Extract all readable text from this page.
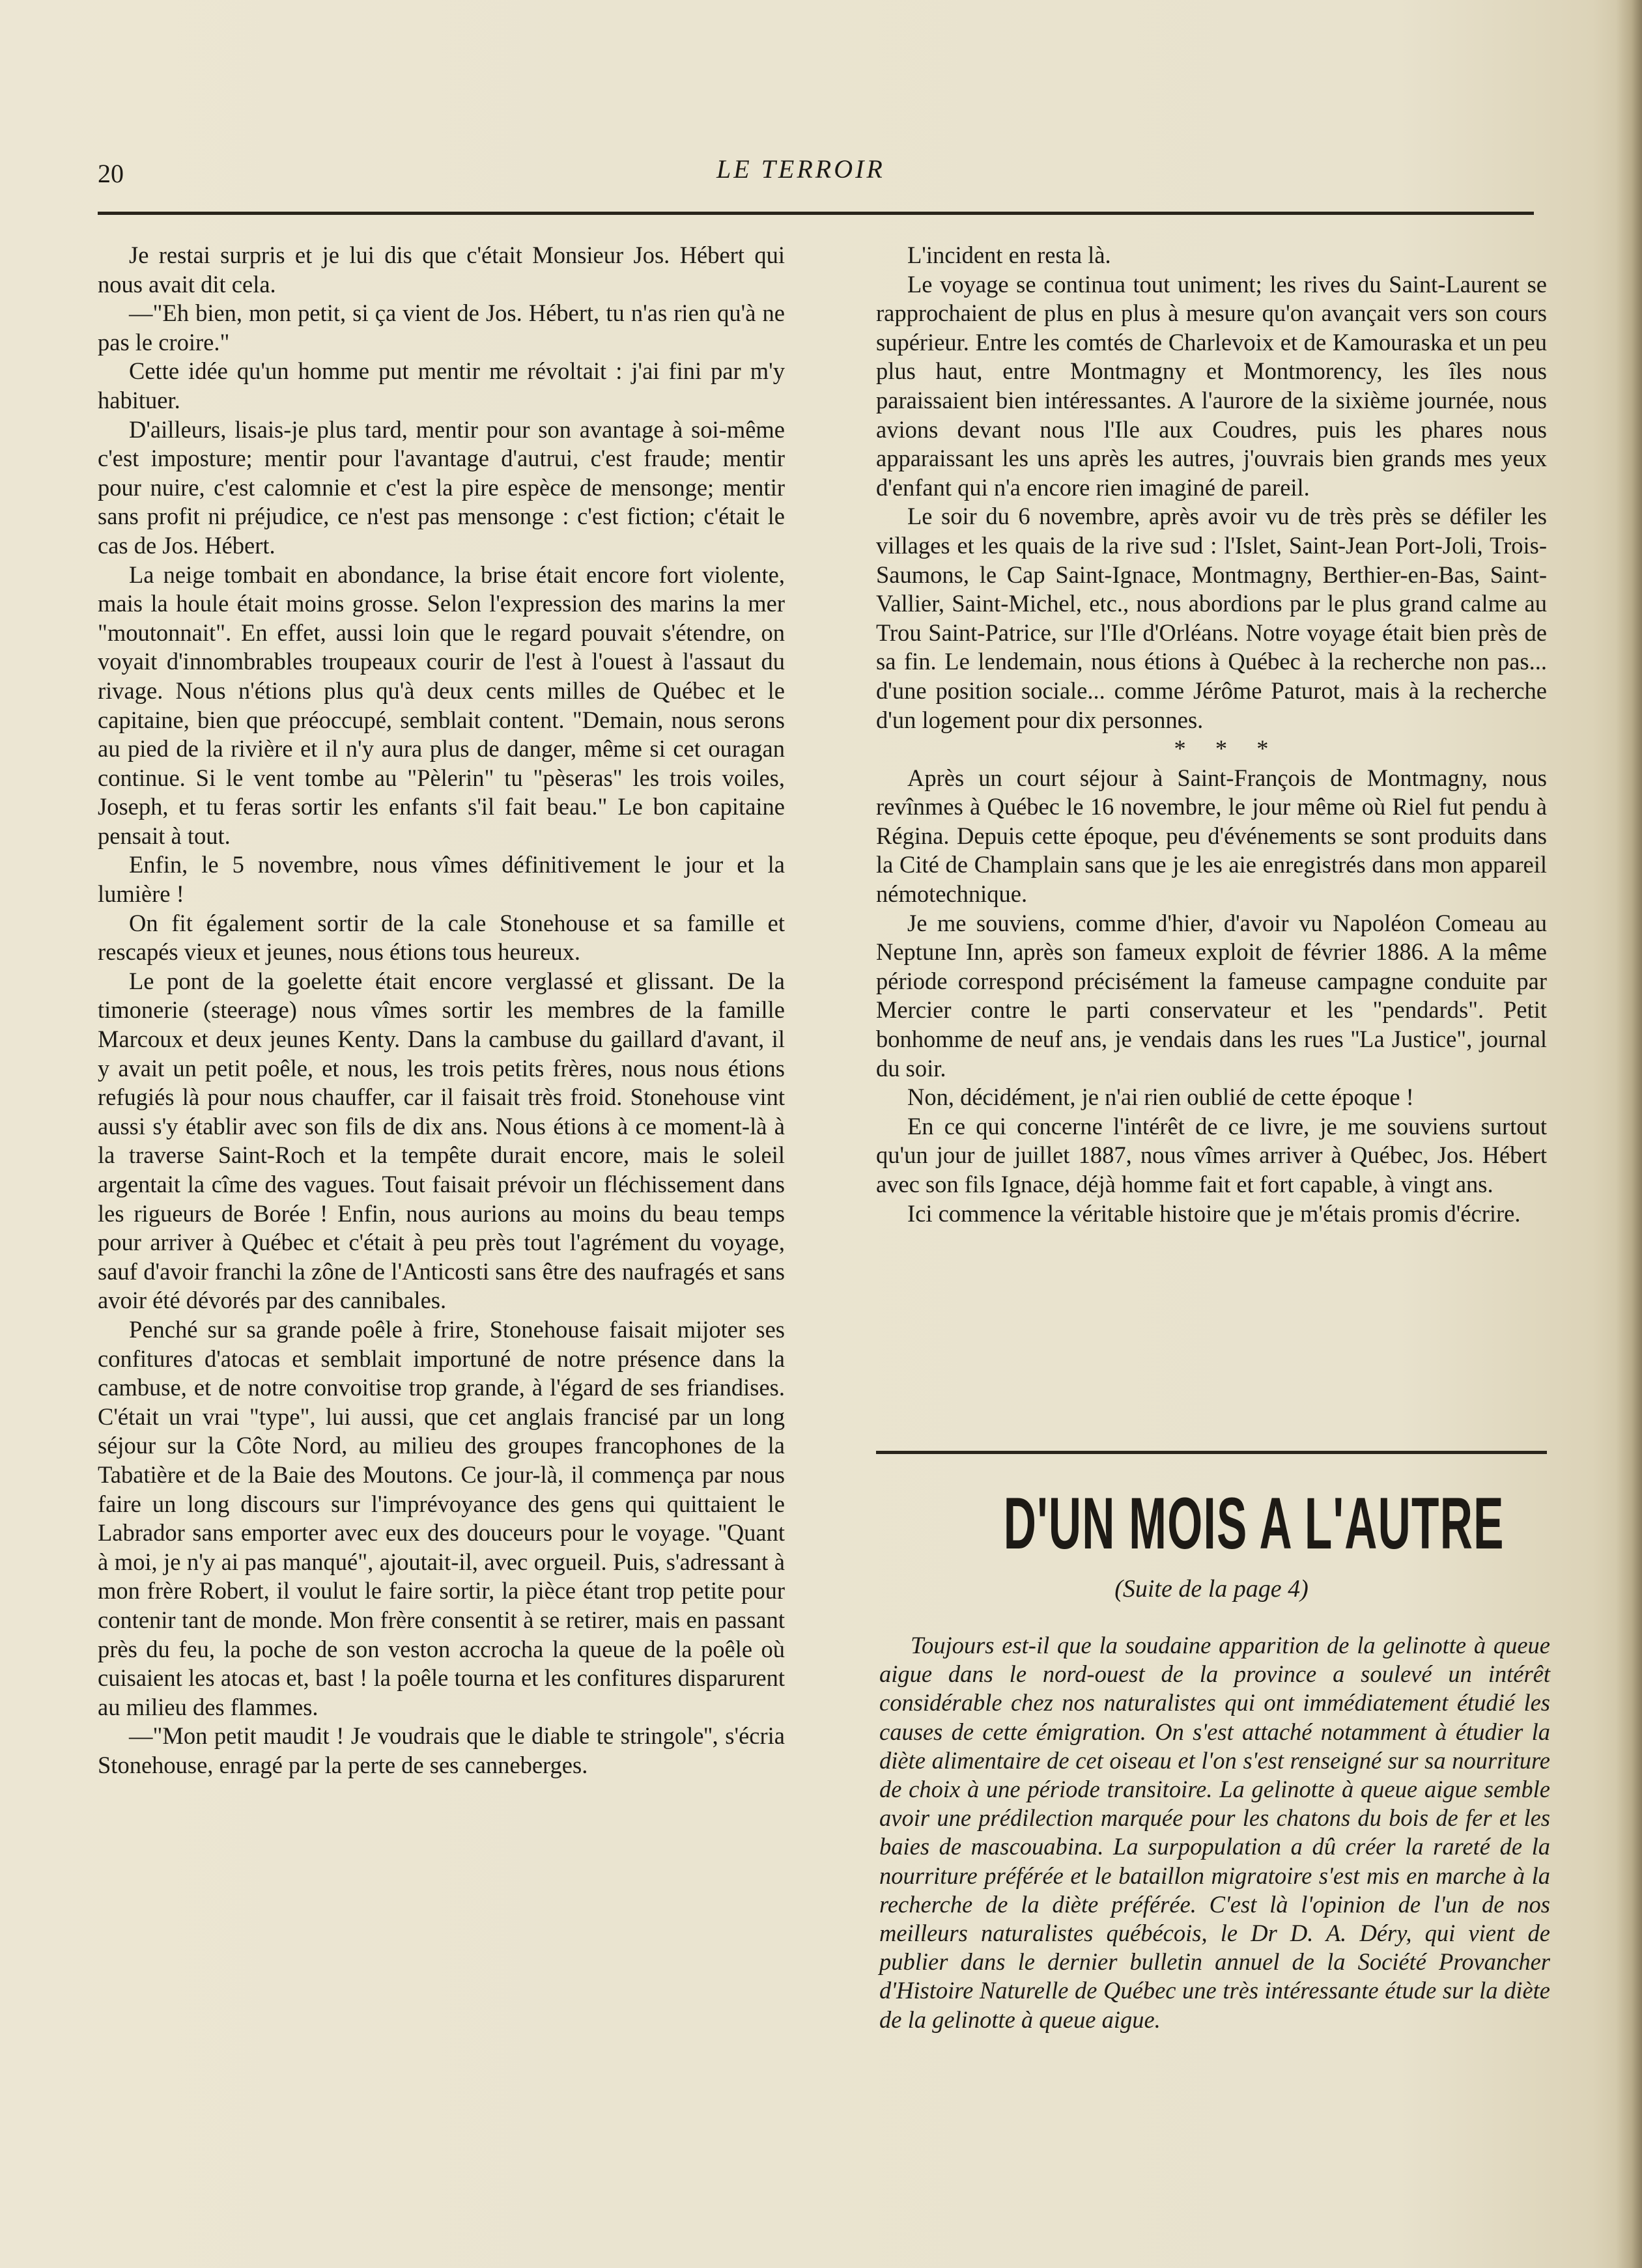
20	LE TERROIR

Je restai surpris et je lui dis que c'était Monsieur Jos. Hébert qui nous avait dit cela.

—"Eh bien, mon petit, si ça vient de Jos. Hébert, tu n'as rien qu'à ne pas le croire."

Cette idée qu'un homme put mentir me révoltait : j'ai fini par m'y habituer.

D'ailleurs, lisais-je plus tard, mentir pour son avantage à soi-même c'est imposture; mentir pour l'avantage d'autrui, c'est fraude; mentir pour nuire, c'est calomnie et c'est la pire espèce de mensonge; mentir sans profit ni préjudice, ce n'est pas mensonge : c'est fiction; c'était le cas de Jos. Hébert.

La neige tombait en abondance, la brise était encore fort violente, mais la houle était moins grosse. Selon l'expression des marins la mer "moutonnait". En effet, aussi loin que le regard pouvait s'étendre, on voyait d'innombrables troupeaux courir de l'est à l'ouest à l'assaut du rivage. Nous n'étions plus qu'à deux cents milles de Québec et le capitaine, bien que préoccupé, semblait content. "Demain, nous serons au pied de la rivière et il n'y aura plus de danger, même si cet ouragan continue. Si le vent tombe au "Pèlerin" tu "pèseras" les trois voiles, Joseph, et tu feras sortir les enfants s'il fait beau." Le bon capitaine pensait à tout.

Enfin, le 5 novembre, nous vîmes définitivement le jour et la lumière !

On fit également sortir de la cale Stonehouse et sa famille et rescapés vieux et jeunes, nous étions tous heureux.

Le pont de la goelette était encore verglassé et glissant. De la timonerie (steerage) nous vîmes sortir les membres de la famille Marcoux et deux jeunes Kenty. Dans la cambuse du gaillard d'avant, il y avait un petit poêle, et nous, les trois petits frères, nous nous étions refugiés là pour nous chauffer, car il faisait très froid. Stonehouse vint aussi s'y établir avec son fils de dix ans. Nous étions à ce moment-là à la traverse Saint-Roch et la tempête durait encore, mais le soleil argentait la cîme des vagues. Tout faisait prévoir un fléchissement dans les rigueurs de Borée ! Enfin, nous aurions au moins du beau temps pour arriver à Québec et c'était à peu près tout l'agrément du voyage, sauf d'avoir franchi la zône de l'Anticosti sans être des naufragés et sans avoir été dévorés par des cannibales.

Penché sur sa grande poêle à frire, Stonehouse faisait mijoter ses confitures d'atocas et semblait importuné de notre présence dans la cambuse, et de notre convoitise trop grande, à l'égard de ses friandises. C'était un vrai "type", lui aussi, que cet anglais francisé par un long séjour sur la Côte Nord, au milieu des groupes francophones de la Tabatière et de la Baie des Moutons. Ce jour-là, il commença par nous faire un long discours sur l'imprévoyance des gens qui quittaient le Labrador sans emporter avec eux des douceurs pour le voyage. ''Quant à moi, je n'y ai pas manqué", ajoutait-il, avec orgueil. Puis, s'adressant à mon frère Robert, il voulut le faire sortir, la pièce étant trop petite pour contenir tant de monde. Mon frère consentit à se retirer, mais en passant près du feu, la poche de son veston accrocha la queue de la poêle où cuisaient les atocas et, bast ! la poêle tourna et les confitures disparurent au milieu des flammes.

—"Mon petit maudit ! Je voudrais que le diable te stringole'', s'écria Stonehouse, enragé par la perte de ses canneberges.

L'incident en resta là.

Le voyage se continua tout uniment; les rives du Saint-Laurent se rapprochaient de plus en plus à mesure qu'on avançait vers son cours supérieur. Entre les comtés de Charlevoix et de Kamouraska et un peu plus haut, entre Montmagny et Montmorency, les îles nous paraissaient bien intéressantes. A l'aurore de la sixième journée, nous avions devant nous l'Ile aux Coudres, puis les phares nous apparaissant les uns après les autres, j'ouvrais bien grands mes yeux d'enfant qui n'a encore rien imaginé de pareil.

Le soir du 6 novembre, après avoir vu de très près se défiler les villages et les quais de la rive sud : l'Islet, Saint-Jean Port-Joli, Trois-Saumons, le Cap Saint-Ignace, Montmagny, Berthier-en-Bas, Saint-Vallier, Saint-Michel, etc., nous abordions par le plus grand calme au Trou Saint-Patrice, sur l'Ile d'Orléans. Notre voyage était bien près de sa fin. Le lendemain, nous étions à Québec à la recherche non pas... d'une position sociale... comme Jérôme Paturot, mais à la recherche d'un logement pour dix personnes.

* * *

Après un court séjour à Saint-François de Montmagny, nous revînmes à Québec le 16 novembre, le jour même où Riel fut pendu à Régina. Depuis cette époque, peu d'événements se sont produits dans la Cité de Champlain sans que je les aie enregistrés dans mon appareil némotechnique.

Je me souviens, comme d'hier, d'avoir vu Napoléon Comeau au Neptune Inn, après son fameux exploit de février 1886. A la même période correspond précisément la fameuse campagne conduite par Mercier contre le parti conservateur et les "pendards". Petit bonhomme de neuf ans, je vendais dans les rues ''La Justice", journal du soir.

Non, décidément, je n'ai rien oublié de cette époque !

En ce qui concerne l'intérêt de ce livre, je me souviens surtout qu'un jour de juillet 1887, nous vîmes arriver à Québec, Jos. Hébert avec son fils Ignace, déjà homme fait et fort capable, à vingt ans.

Ici commence la véritable histoire que je m'étais promis d'écrire.

D'UN MOIS A L'AUTRE
(Suite de la page 4)

Toujours est-il que la soudaine apparition de la gelinotte à queue aigue dans le nord-ouest de la province a soulevé un intérêt considérable chez nos naturalistes qui ont immédiatement étudié les causes de cette émigration. On s'est attaché notamment à étudier la diète alimentaire de cet oiseau et l'on s'est renseigné sur sa nourriture de choix à une période transitoire. La gelinotte à queue aigue semble avoir une prédilection marquée pour les chatons du bois de fer et les baies de mascouabina. La surpopulation a dû créer la rareté de la nourriture préférée et le bataillon migratoire s'est mis en marche à la recherche de la diète préférée. C'est là l'opinion de l'un de nos meilleurs naturalistes québécois, le Dr D. A. Déry, qui vient de publier dans le dernier bulletin annuel de la Société Provancher d'Histoire Naturelle de Québec une très intéressante étude sur la diète de la gelinotte à queue aigue.
